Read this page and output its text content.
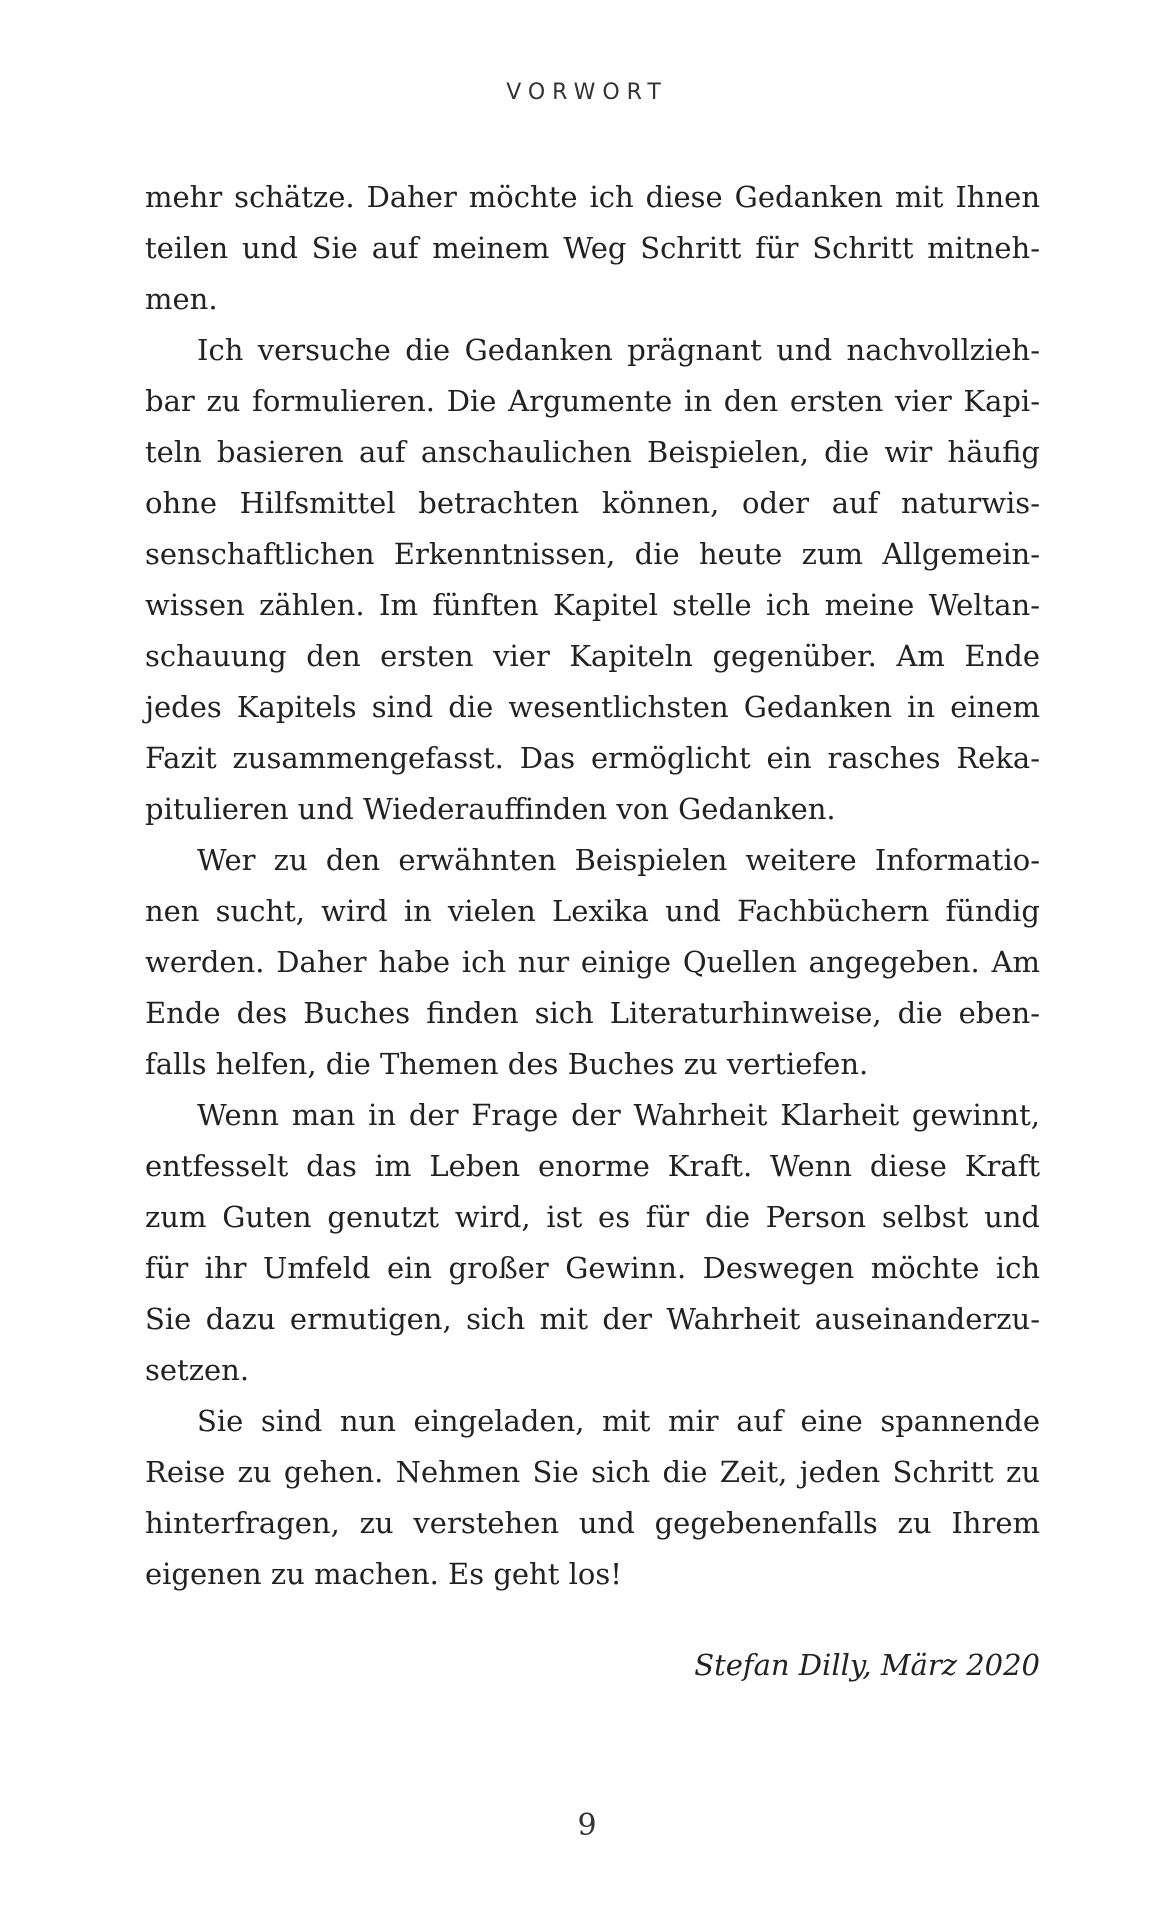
VORWORT
mehr schätze. Daher möchte ich diese Gedanken mit Ihnen
teilen und Sie auf meinem Weg Schritt für Schritt mitneh-
men.
Ich versuche die Gedanken prägnant und nachvollzieh-
bar zu formulieren. Die Argumente in den ersten vier Kapi-
teln basieren auf anschaulichen Beispielen, die wir häufig
ohne Hilfsmittel betrachten können, oder auf naturwis-
senschaftlichen Erkenntnissen, die heute zum Allgemein-
wissen zählen. Im fünften Kapitel stelle ich meine Weltan-
schauung den ersten vier Kapiteln gegenüber. Am Ende
jedes Kapitels sind die wesentlichsten Gedanken in einem
Fazit zusammengefasst. Das ermöglicht ein rasches Reka-
pitulieren und Wiederauffinden von Gedanken.
Wer zu den erwähnten Beispielen weitere Informatio-
nen sucht, wird in vielen Lexika und Fachbüchern fündig
werden. Daher habe ich nur einige Quellen angegeben. Am
Ende des Buches finden sich Literaturhinweise, die eben-
falls helfen, die Themen des Buches zu vertiefen.
Wenn man in der Frage der Wahrheit Klarheit gewinnt,
entfesselt das im Leben enorme Kraft. Wenn diese Kraft
zum Guten genutzt wird, ist es für die Person selbst und
für ihr Umfeld ein großer Gewinn. Deswegen möchte ich
Sie dazu ermutigen, sich mit der Wahrheit auseinanderzu-
setzen.
Sie sind nun eingeladen, mit mir auf eine spannende
Reise zu gehen. Nehmen Sie sich die Zeit, jeden Schritt zu
hinterfragen, zu verstehen und gegebenenfalls zu Ihrem
eigenen zu machen. Es geht los!
Stefan Dilly, März 2020
9
